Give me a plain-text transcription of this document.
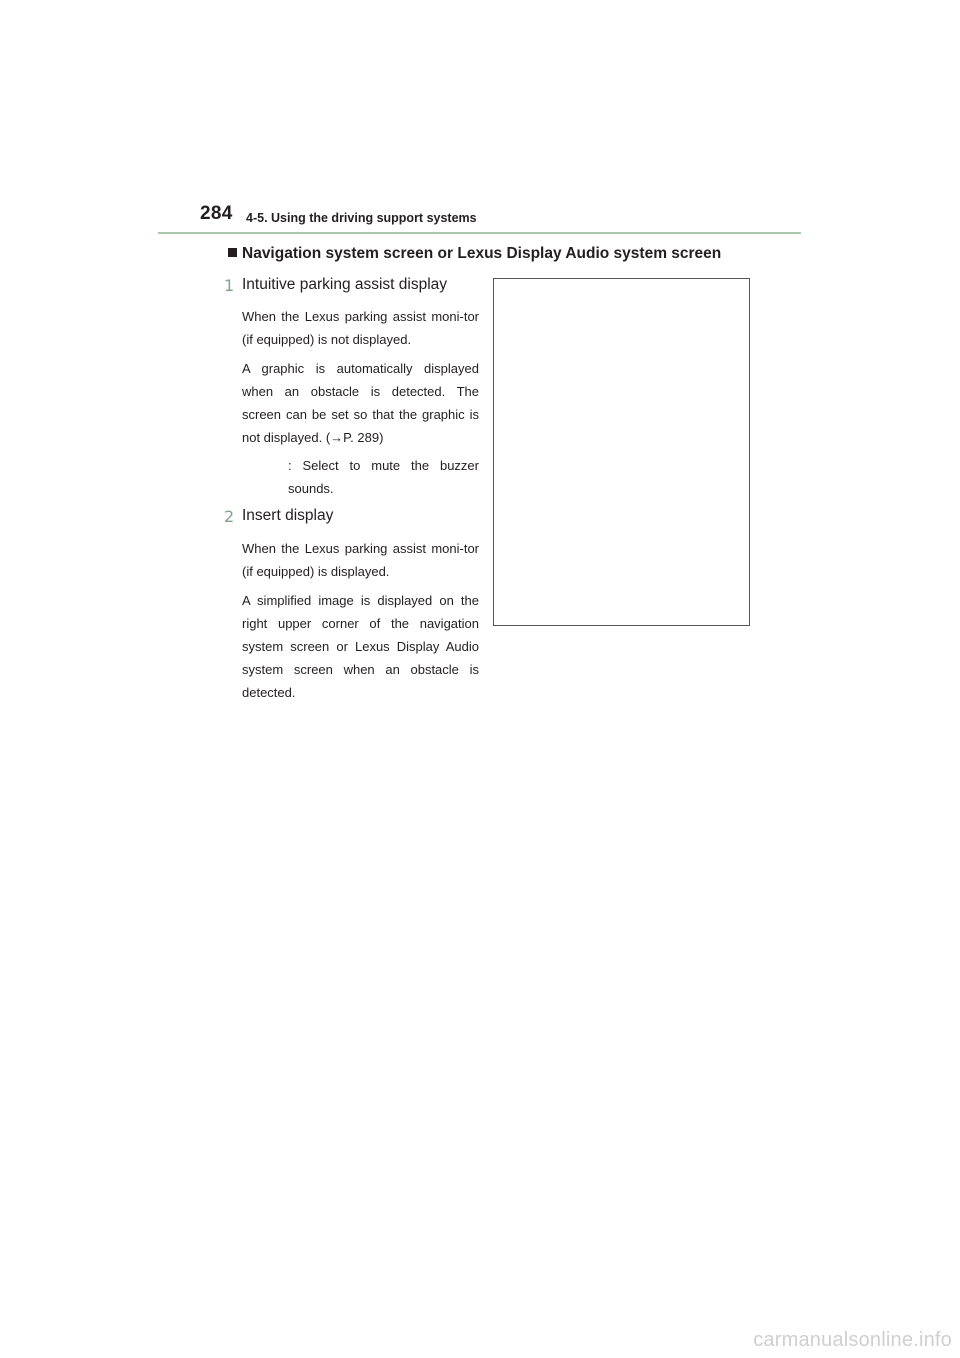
284 4-5. Using the driving support systems
Navigation system screen or Lexus Display Audio system screen
1 Intuitive parking assist display

When the Lexus parking assist moni-tor (if equipped) is not displayed.

A graphic is automatically displayed when an obstacle is detected. The screen can be set so that the graphic is not displayed. (→P. 289)

: Select to mute the buzzer sounds.

2 Insert display

When the Lexus parking assist moni-tor (if equipped) is displayed.

A simplified image is displayed on the right upper corner of the navigation system screen or Lexus Display Audio system screen when an obstacle is detected.

carmanualsonline.info
